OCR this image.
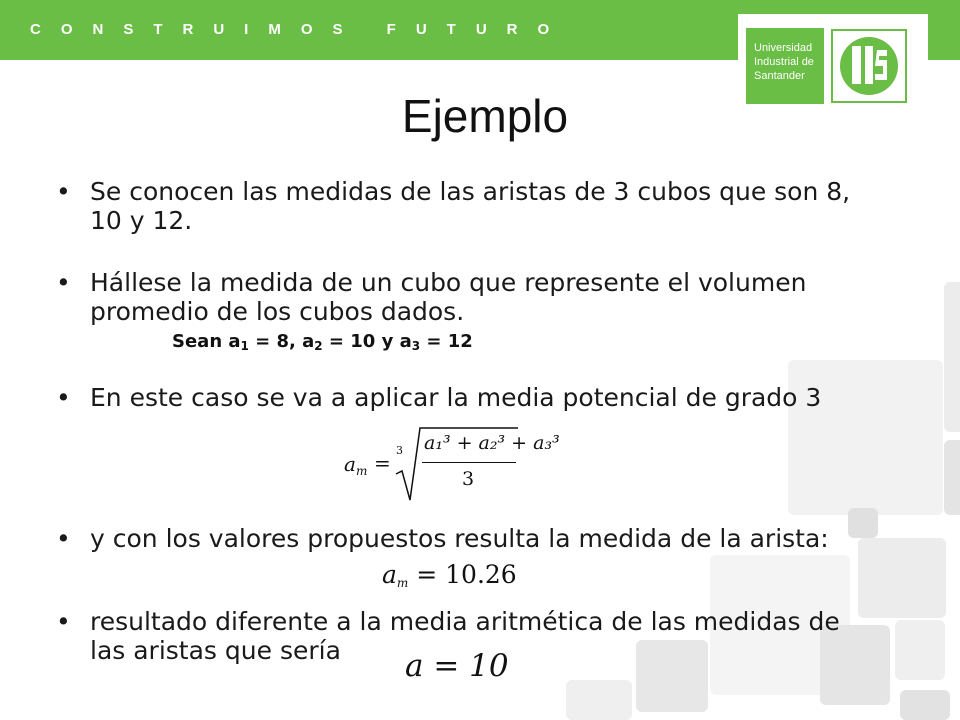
CONSTRUIMOS FUTURO
Universidad
Industrial de
Santander
Ejemplo
• Se conocen las medidas de las aristas de 3 cubos que son 8, 10 y 12.
• Hállese la medida de un cubo que represente el volumen promedio de los cubos dados.
Sean $a_1 = 8$, $a_2 = 10$ y $a_3 = 12$
• En este caso se va a aplicar la media potencial de grado 3
$a_m$ =
3 a₁³ + a₂³ + a₃³
3
• y con los valores propuestos resulta la medida de la arista:
am = 10.26
• resultado diferente a la media aritmética de las medidas de las aristas que sería	a = 10
